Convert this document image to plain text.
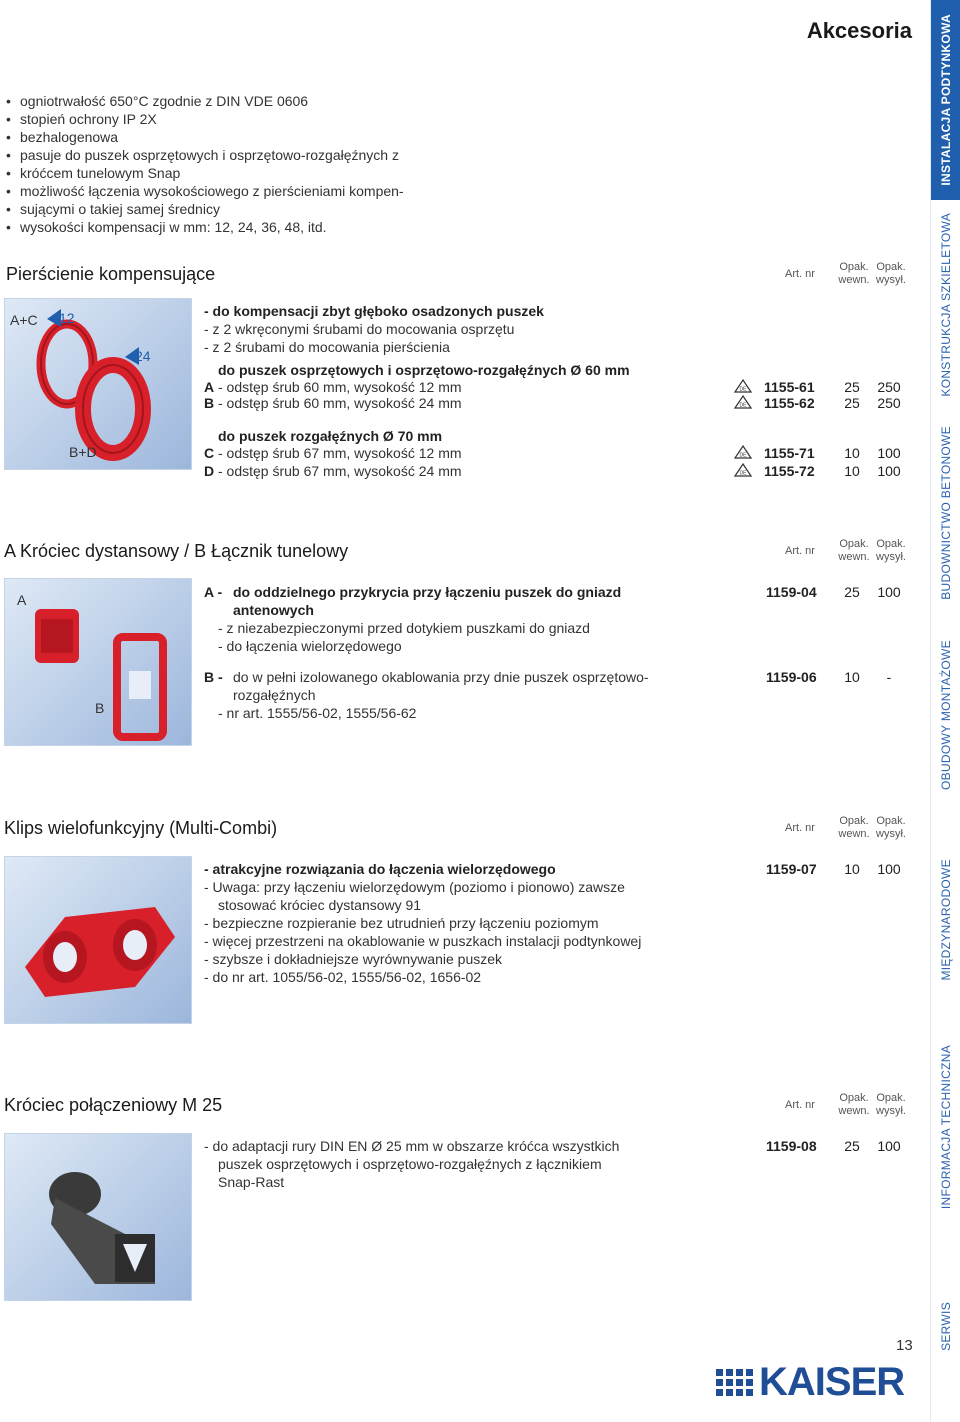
Akcesoria
• ogniotrwałość 650°C zgodnie z DIN VDE 0606
• stopień ochrony IP 2X
• bezhalogenowa
• pasuje do puszek osprzętowych i osprzętowo-rozgałęźnych z
• króćcem tunelowym Snap
• możliwość łączenia wysokościowego z pierścieniami kompen-
• sującymi o takiej samej średnicy
• wysokości kompensacji w mm: 12, 24, 36, 48, itd.
Pierścienie kompensujące	Art. nr
Opak.
wewn.
Opak.
wysył.
A+C 12
24
B+D
- do kompensacji zbyt głęboko osadzonych puszek
- z 2 wkręconymi śrubami do mocowania osprzętu
- z 2 śrubami do mocowania pierścienia
do puszek osprzętowych i osprzętowo-rozgałęźnych Ø 60 mm
A - odstęp śrub 60 mm, wysokość 12 mm	DE 1155-61	25	250
B - odstęp śrub 60 mm, wysokość 24 mm	DE 1155-62	25	250
do puszek rozgałęźnych Ø 70 mm
C - odstęp śrub 67 mm, wysokość 12 mm	DE 1155-71	10	100
D - odstęp śrub 67 mm, wysokość 24 mm	DE 1155-72	10	100
A Króciec dystansowy / B Łącznik tunelowy	Art. nr
Opak.
wewn.
Opak.
wysył.
A
B
A - do oddzielnego przykrycia przy łączeniu puszek do gniazd	1159-04	25	100
antenowych
- z niezabezpieczonymi przed dotykiem puszkami do gniazd
- do łączenia wielorzędowego
B - do w pełni izolowanego okablowania przy dnie puszek osprzętowo-	1159-06	10	-
rozgałęźnych
- nr art. 1555/56-02, 1555/56-62
Klips wielofunkcyjny (Multi-Combi)	Art. nr
Opak.
wewn.
Opak.
wysył.
- atrakcyjne rozwiązania do łączenia wielorzędowego	1159-07	10	100
- Uwaga: przy łączeniu wielorzędowym (poziomo i pionowo) zawsze
stosować króciec dystansowy 91
- bezpieczne rozpieranie bez utrudnień przy łączeniu poziomym
- więcej przestrzeni na okablowanie w puszkach instalacji podtynkowej
- szybsze i dokładniejsze wyrównywanie puszek
- do nr art. 1055/56-02, 1555/56-02, 1656-02
Króciec połączeniowy M 25	Art. nr
Opak.
wewn.
Opak.
wysył.
- do adaptacji rury DIN EN Ø 25 mm w obszarze króćca wszystkich	1159-08	25	100
puszek osprzętowych i osprzętowo-rozgałęźnych z łącznikiem
Snap-Rast
INSTALACJA PODTYNKOWA
KONSTRUKCJA SZKIELETOWA
BUDOWNICTWO BETONOWE
OBUDOWY MONTAŻOWE
MIĘDZYNARODOWE
INFORMACJA TECHNICZNA
SERWIS
13
KAISER
